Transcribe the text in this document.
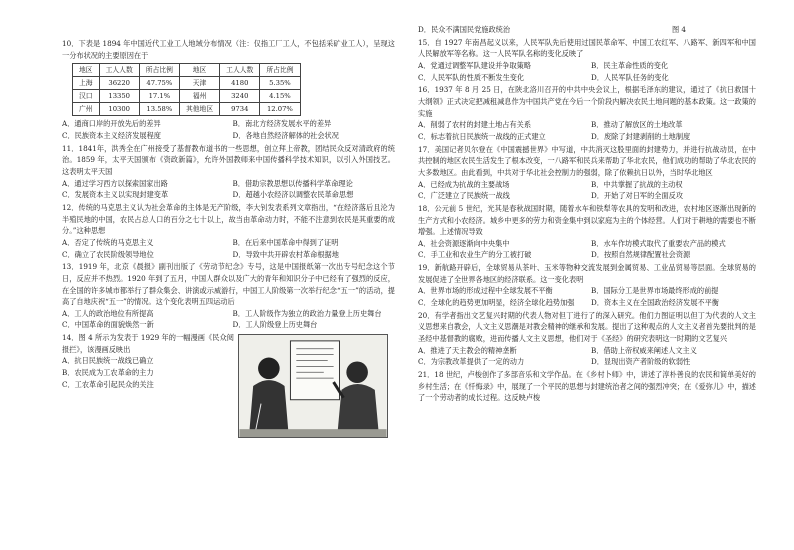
10．下表是 1894 年中国近代工业工人地域分布情况（注：仅指工厂工人，不包括采矿业工人），呈现这一分布状况的主要原因在于
地区	工人人数	所占比例	地区	工人人数	所占比例
上海	36220	47.75%	天津	4180	5.35%
汉口	13350	17.1%	福州	3240	4.15%
广州	10300	13.58%	其他地区	9734	12.07%
A．通商口岸的开放先后的差异	B．南北方经济发展水平的差异
C．民族资本主义经济发展程度	D．各地自然经济解体的社会状况
11．1841年，洪秀全在广州接受了基督教布道书的一些思想，创立拜上帝教，团结民众反对清政府的统治。1859 年，太平天国颁布《资政新篇》，允许外国教师来中国传播科学技术知识，以引入外国技艺。这表明太平天国
A．通过学习西方以探索国家出路	B．借助宗教思想以传播科学革命理论
C．发展资本主义以实现封建变革	D．超越小农经济以调整农民革命思想
12．传统的马克思主义认为社会革命的主体是无产阶级，李大钊发表系列文章指出，“在经济落后且沦为半殖民地的中国，农民占总人口的百分之七十以上，故当由革命动力时，不能不注意到农民是其重要的成分。”这种思想
A．否定了传统的马克思主义	B．在后来中国革命中得到了证明
C．确立了农民阶级领导地位	D．导致中共开辟农村革命根据地
13．1919 年，北京《晨报》副刊出版了《劳动节纪念》专号，这是中国报纸第一次出专号纪念这个节日，反应并不热烈。1920 年到了五月，中国人群众以及广大的青年和知识分子中已经有了强烈的反应，在全国的许多城市都举行了群众集会、讲演或示威游行，中国工人阶级第一次举行纪念“五一”的活动，提高了自地庆祝“五一”的情况。这个变化表明五四运动后
A．工人的政治地位有所提高	B．工人阶级作为独立的政治力量登上历史舞台
C．中国革命的面貌焕然一新	D．工人阶级登上历史舞台
14．图 4 所示为发表于 1929 年的一幅漫画《民众阅报拦》，该漫画反映出
A．抗日民族统一战线已确立
B．农民成为工农革命的主力
C．工农革命引起民众的关注
D．民众不满国民党施政统治	图 4
15．自 1927 年南昌起义以来，人民军队先后使用过国民革命军、中国工农红军、八路军、新四军和中国人民解放军等名称。这一人民军队名称的变化反映了
A．党通过调整军队建设并争取策略	B．民主革命性质的变化
C．人民军队的性质不断发生变化	D．人民军队任务的变化
16．1937 年 8 月 25 日，在陕北洛川召开的中共中央会议上，根据毛泽东的建议，通过了《抗日救国十大纲领》正式决定把减租减息作为中国共产党在今后一个阶段内解决农民土地问题的基本政策。这一政策的实施
A．削弱了农村的封建土地占有关系	B．推动了解放区的土地改革
C．标志着抗日民族统一战线的正式建立	D．废除了封建剥削的土地制度
17．美国记者贝尔登在《中国震撼世界》中写道，中共消灭这股里面的封建势力，并进行抗战动员，在中共控制的地区农民生活发生了根本改变，一八路军和民兵来帮助了华北农民，他们成功的帮助了华北农民的大多数地区。由此看到，中共对于华北社会控制力的强弱，除了依赖抗日以外，当时华北地区
A．已经成为抗战的主要战场	B．中共掌握了抗战的主动权
C．广泛建立了民族统一战线	D．开始了对日军的全面反攻
18．公元前 5 世纪，光其是春秋战国时期，随着水车和铁犁等农具的发明和改进，农村地区逐渐出现新的生产方式和小农经济。城乡中更多的劳力和资金集中到以家庭为主的个体经营。人们对于耕地的需要也不断增强。上述情况导致
A．社会资源逐渐向中央集中	B．水车作坊模式取代了重要农产品的模式
C．手工业和农业生产的分工被打破	D．按照自然规律配置社会资源
19．新航路开辟后，全球贸易从茶叶、玉米等物种交流发展到金属贸易、工业品贸易等层面。全球贸易的发展促进了全世界各地区的经济联系。这一变化表明
A．世界市场的形成过程中全球发展不平衡	B．国际分工是世界市场最终形成的前提
C．全球化的趋势更加明显，经济全球化趋势加强	D．资本主义在全国政治经济发展不平衡
20．有学者指出文艺复兴时期的代表人物对但丁进行了的深入研究。他们力图证明以但丁为代表的人文主义思想来自教会，人文主义思潮是对教会精神的继承和发展。提出了这种观点的人文主义者首先要批判的是圣经中基督教的腐败，进而传播人文主义思想，他们对于《圣经》的研究表明这一时期的文艺复兴
A．推进了天主教会的精神垄断	B．借助上帝权威来阐述人文主义
C．为宗教改革提供了一定的动力	D．显现出资产者阶级的软弱性
21．18 世纪，卢梭创作了多部音乐和文学作品。在《乡村卜师》中，讲述了淳朴善良的农民和简单美好的乡村生活；在《忏悔录》中，展现了一个平民的思想与封建统治者之间的强烈冲突；在《爱弥儿》中，描述了一个劳动者的成长过程。这反映卢梭
